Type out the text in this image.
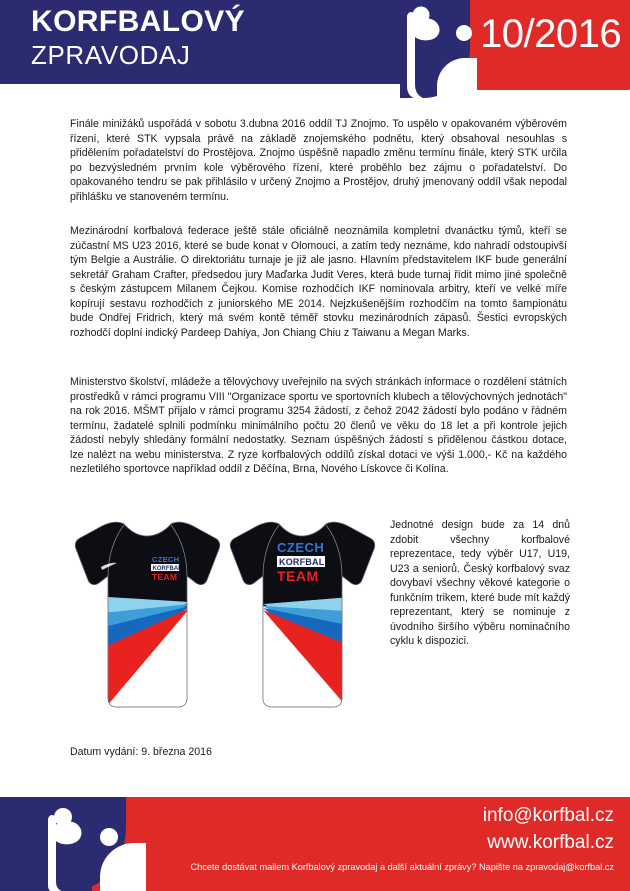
KORFBALOVÝ
ZPRAVODAJ	10/2016

Finále minižáků uspořádá v sobotu 3.dubna 2016 oddíl TJ Znojmo. To uspělo v opakovaném výběrovém řízení, které STK vypsala právě na základě znojemského podnětu, který obsahoval nesouhlas s přidělením pořadatelství do Prostějova. Znojmo úspěšně napadlo změnu termínu finále, který STK určila po bezvýsledném prvním kole výběrového řízení, které proběhlo bez zájmu o pořadatelství. Do opakovaného tendru se pak přihlásilo v určený Znojmo a Prostějov, druhý jmenovaný oddíl však nepodal přihlášku ve stanoveném termínu.

Mezinárodní korfbalová federace ještě stále oficiálně neoznámila kompletní dvanáctku týmů, kteří se zúčastní MS U23 2016, které se bude konat v Olomouci, a zatím tedy neznáme, kdo nahradí odstoupivší tým Belgie a Austrálie. O direktoriátu turnaje je již ale jasno. Hlavním představitelem IKF bude generální sekretář Graham Crafter, předsedou jury Maďarka Judit Veres, která bude turnaj řídit mimo jiné společně s českým zástupcem Milanem Čejkou. Komise rozhodčích IKF nominovala arbitry, kteří ve velké míře kopírují sestavu rozhodčích z juniorského ME 2014. Nejzkušenějším rozhodčím na tomto šampionátu bude Ondřej Fridrich, který má svém kontě téměř stovku mezinárodních zápasů. Šestici evropských rozhodčí doplní indický Pardeep Dahiya, Jon Chiang Chiu z Taiwanu a Megan Marks.

Ministerstvo školství, mládeže a tělovýchovy uveřejnilo na svých stránkách informace o rozdělení státních prostředků v rámci programu VIII "Organizace sportu ve sportovních klubech a tělovýchovných jednotách" na rok 2016. MŠMT přijalo v rámci programu 3254 žádostí, z čehož 2042 žádostí bylo podáno v řádném termínu, žadatelé splnili podmínku minimálního počtu 20 členů ve věku do 18 let a při kontrole jejich žádostí nebyly shledány formální nedostatky. Seznam úspěšných žádostí s přidělenou částkou dotace, lze nalézt na webu ministerstva. Z ryze korfbalových oddílů získal dotaci ve výši 1.000,- Kč na každého nezletilého sportovce například oddíl z Děčína, Brna, Nového Lískovce či Kolína.

CZECH
KORFBAL
TEAM
CZECH
KORFBAL
TEAM

Jednotné design bude za 14 dnů zdobit všechny korfbalové reprezentace, tedy výběr U17, U19, U23 a seniorů. Český korfbalový svaz dovybaví všechny věkové kategorie o funkčním trikem, které bude mít každý reprezentant, který se nominuje z úvodního širšího výběru nominačního cyklu k dispozici.

Datum vydání: 9. března 2016
info@korfbal.cz
www.korfbal.cz
Chcete dostávat mailem Korfbalový zpravodaj a další aktuální zprávy? Napište na zpravodaj@korfbal.cz
